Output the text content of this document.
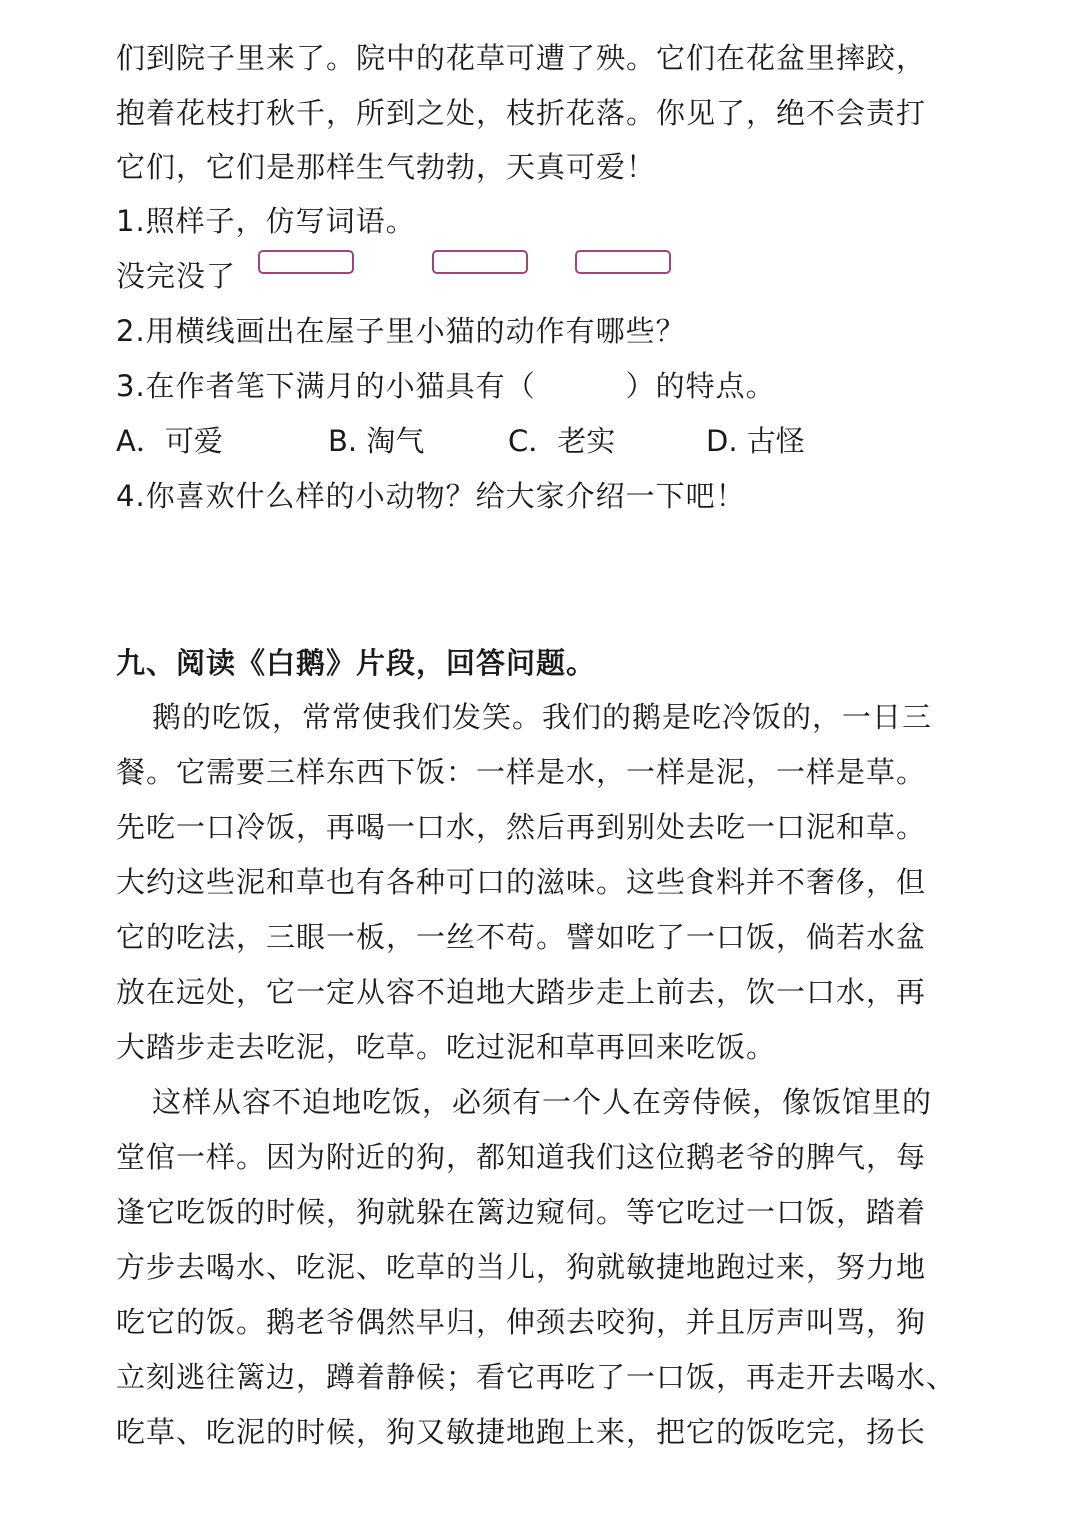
们到院子里来了。院中的花草可遭了殃。它们在花盆里摔跤，
抱着花枝打秋千，所到之处，枝折花落。你见了，绝不会责打
它们，它们是那样生气勃勃，天真可爱！
1.照样子，仿写词语。
没完没了
2.用横线画出在屋子里小猫的动作有哪些？
3.在作者笔下满月的小猫具有（　　　）的特点。
A．可爱	B. 淘气	C．老实	D. 古怪
4.你喜欢什么样的小动物？给大家介绍一下吧！
九、阅读《白鹅》片段，回答问题。
鹅的吃饭，常常使我们发笑。我们的鹅是吃冷饭的，一日三
餐。它需要三样东西下饭：一样是水，一样是泥，一样是草。
先吃一口冷饭，再喝一口水，然后再到别处去吃一口泥和草。
大约这些泥和草也有各种可口的滋味。这些食料并不奢侈，但
它的吃法，三眼一板，一丝不苟。譬如吃了一口饭，倘若水盆
放在远处，它一定从容不迫地大踏步走上前去，饮一口水，再
大踏步走去吃泥，吃草。吃过泥和草再回来吃饭。
这样从容不迫地吃饭，必须有一个人在旁侍候，像饭馆里的
堂倌一样。因为附近的狗，都知道我们这位鹅老爷的脾气，每
逢它吃饭的时候，狗就躲在篱边窥伺。等它吃过一口饭，踏着
方步去喝水、吃泥、吃草的当儿，狗就敏捷地跑过来，努力地
吃它的饭。鹅老爷偶然早归，伸颈去咬狗，并且厉声叫骂，狗
立刻逃往篱边，蹲着静候；看它再吃了一口饭，再走开去喝水、
吃草、吃泥的时候，狗又敏捷地跑上来，把它的饭吃完，扬长
